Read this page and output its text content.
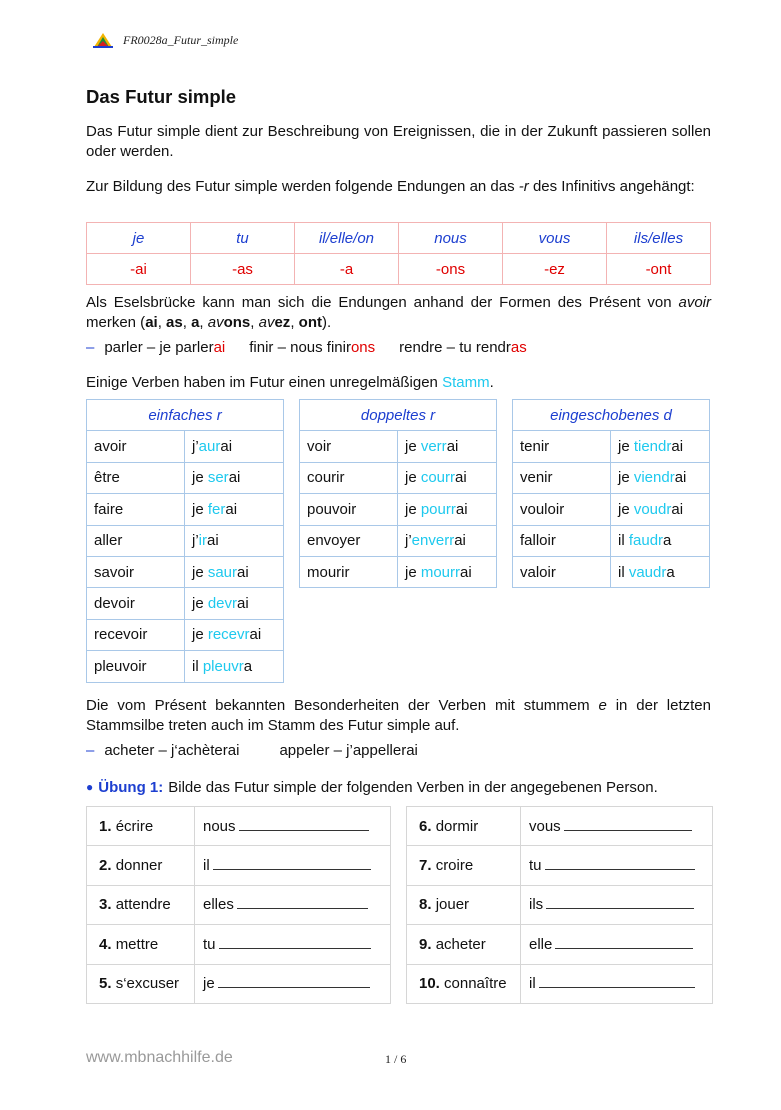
FR0028a_Futur_simple
Das Futur simple
Das Futur simple dient zur Beschreibung von Ereignissen, die in der Zukunft passieren sollen oder werden.
Zur Bildung des Futur simple werden folgende Endungen an das -r des Infinitivs angehängt:
je	tu	il/elle/on	nous	vous	ils/elles
-ai	-as	-a	-ons	-ez	-ont
Als Eselsbrücke kann man sich die Endungen anhand der Formen des Présent von avoir merken (ai, as, a, avons, avez, ont).
– parler – je parlerai finir – nous finirons rendre – tu rendras
Einige Verben haben im Futur einen unregelmäßigen Stamm.
einfaches r	
avoir	j’aurai
être	je serai
faire	je ferai
aller	j’irai
savoir	je saurai
devoir	je devrai
recevoir	je recevrai
pleuvoir	il pleuvra
doppeltes r	
voir	je verrai
courir	je courrai
pouvoir	je pourrai
envoyer	j’enverrai
mourir	je mourrai
eingeschobenes d	
tenir	je tiendrai
venir	je viendrai
vouloir	je voudrai
falloir	il faudra
valoir	il vaudra
Die vom Présent bekannten Besonderheiten der Verben mit stummem e in der letzten Stammsilbe treten auch im Stamm des Futur simple auf.
– acheter – j‘achèterai	appeler – j’appellerai
● Übung 1: Bilde das Futur simple der folgenden Verben in der angegebenen Person.
1. écrire	nous
2. donner	il
3. attendre	elles
4. mettre	tu
5. s‘excuser	je
6. dormir	vous
7. croire	tu
8. jouer	ils
9. acheter	elle
10. connaître	il
www.mbnachhilfe.de	1 / 6
